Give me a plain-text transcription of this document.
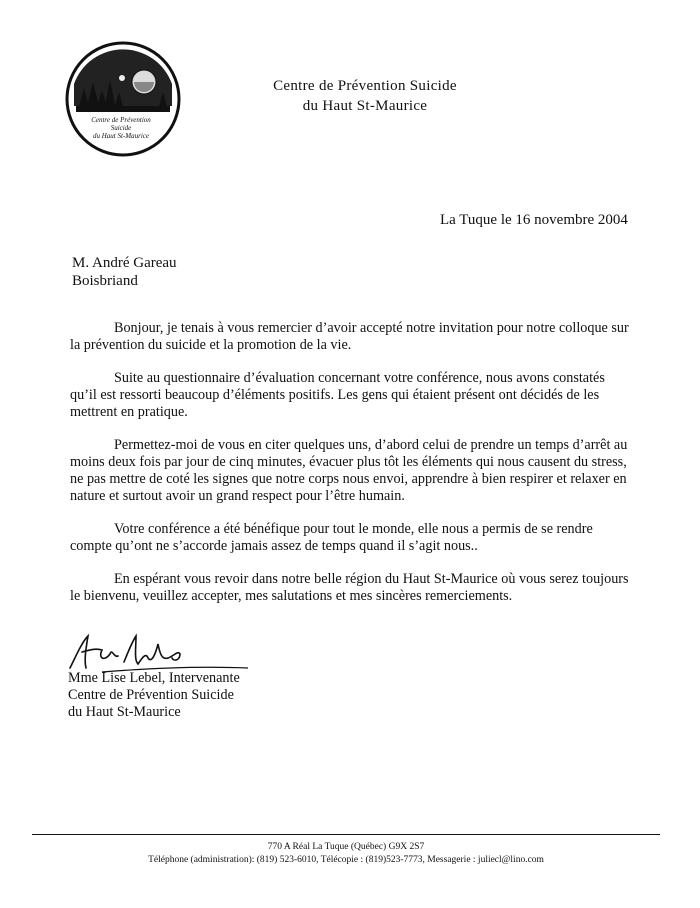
Centre de Prévention
Suicide
du Haut St-Maurice
Centre de Prévention Suicide
du Haut St-Maurice
La Tuque le 16 novembre 2004
M. André Gareau
Boisbriand

Bonjour, je tenais à vous remercier d’avoir accepté notre invitation pour notre colloque sur la prévention du suicide et la promotion de la vie.

Suite au questionnaire d’évaluation concernant votre conférence, nous avons constatés qu’il est ressorti beaucoup d’éléments positifs. Les gens qui étaient présent ont décidés de les mettrent en pratique.

Permettez-moi de vous en citer quelques uns, d’abord celui de prendre un temps d’arrêt au moins deux fois par jour de cinq minutes, évacuer plus tôt les éléments qui nous causent du stress, ne pas mettre de coté les signes que notre corps nous envoi, apprendre à bien respirer et relaxer en nature et surtout avoir un grand respect pour l’être humain.

Votre conférence a été bénéfique pour tout le monde, elle nous a permis de se rendre compte qu’ont ne s’accorde jamais assez de temps quand il s’agit nous..

En espérant vous revoir dans notre belle région du Haut St-Maurice où vous serez toujours le bienvenu, veuillez accepter, mes salutations et mes sincères remerciements.

Mme Lise Lebel, Intervenante
Centre de Prévention Suicide
du Haut St-Maurice
770 A Réal La Tuque (Québec) G9X 2S7
Téléphone (administration): (819) 523-6010, Télécopie : (819)523-7773, Messagerie : juliecl@lino.com
